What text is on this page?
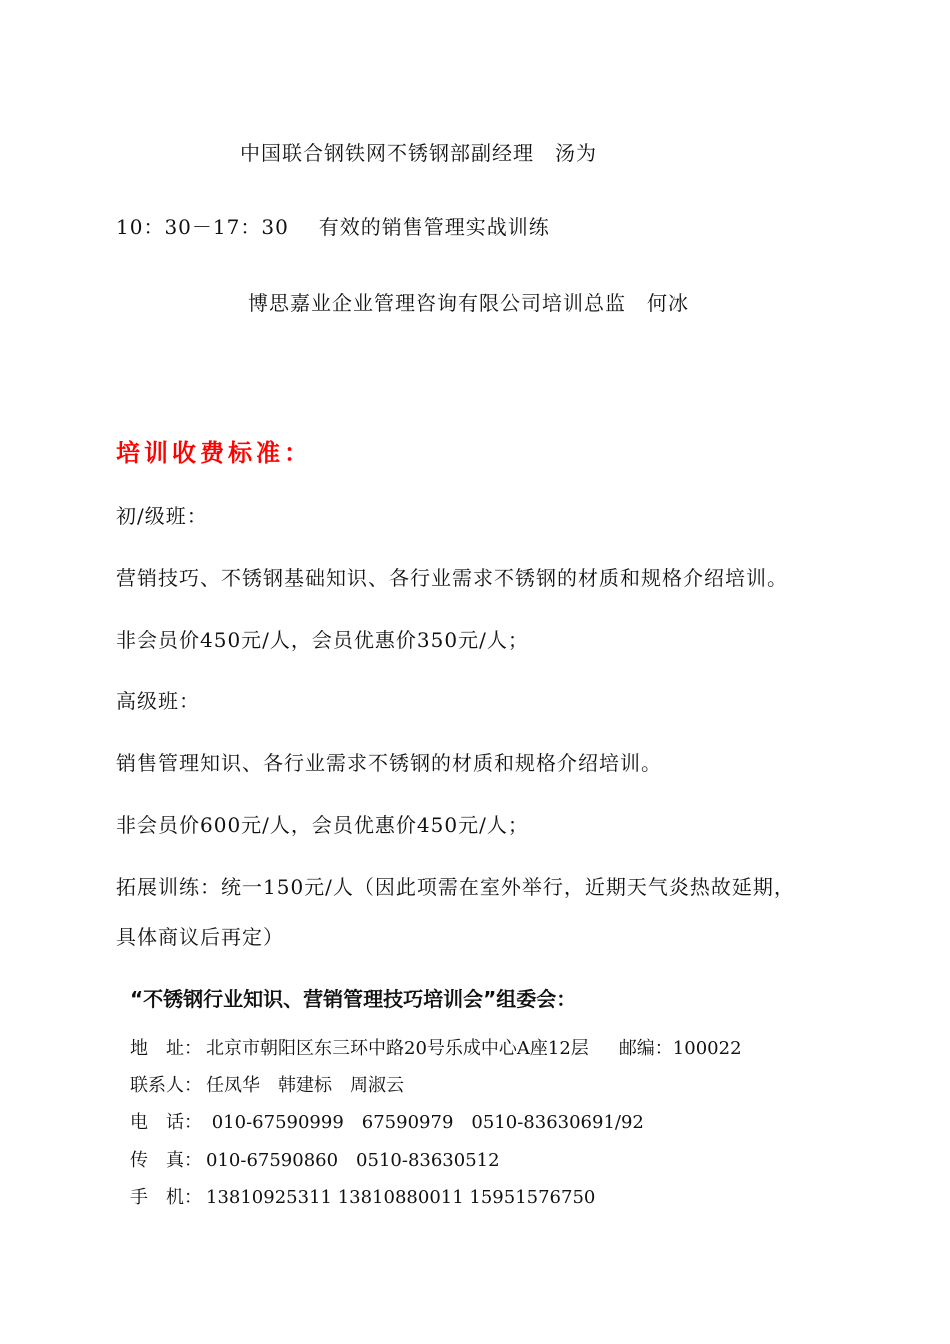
中国联合钢铁网不锈钢部副经理　汤为
10：30－17：30 有效的销售管理实战训练
博思嘉业企业管理咨询有限公司培训总监　何冰
培训收费标准：
初/级班：
营销技巧、不锈钢基础知识、各行业需求不锈钢的材质和规格介绍培训。
非会员价450元/人，会员优惠价350元/人；
高级班：
销售管理知识、各行业需求不锈钢的材质和规格介绍培训。
非会员价600元/人，会员优惠价450元/人；
拓展训练：统一150元/人（因此项需在室外举行，近期天气炎热故延期，
具体商议后再定）
“不锈钢行业知识、营销管理技巧培训会”组委会：
地　址： 北京市朝阳区东三环中路20号乐成中心A座12层 邮编：100022
联系人： 任凤华　韩建标　周淑云
电　话： 010-67590999　67590979　0510-83630691/92
传　真： 010-67590860　0510-83630512
手　机： 13810925311 13810880011 15951576750
